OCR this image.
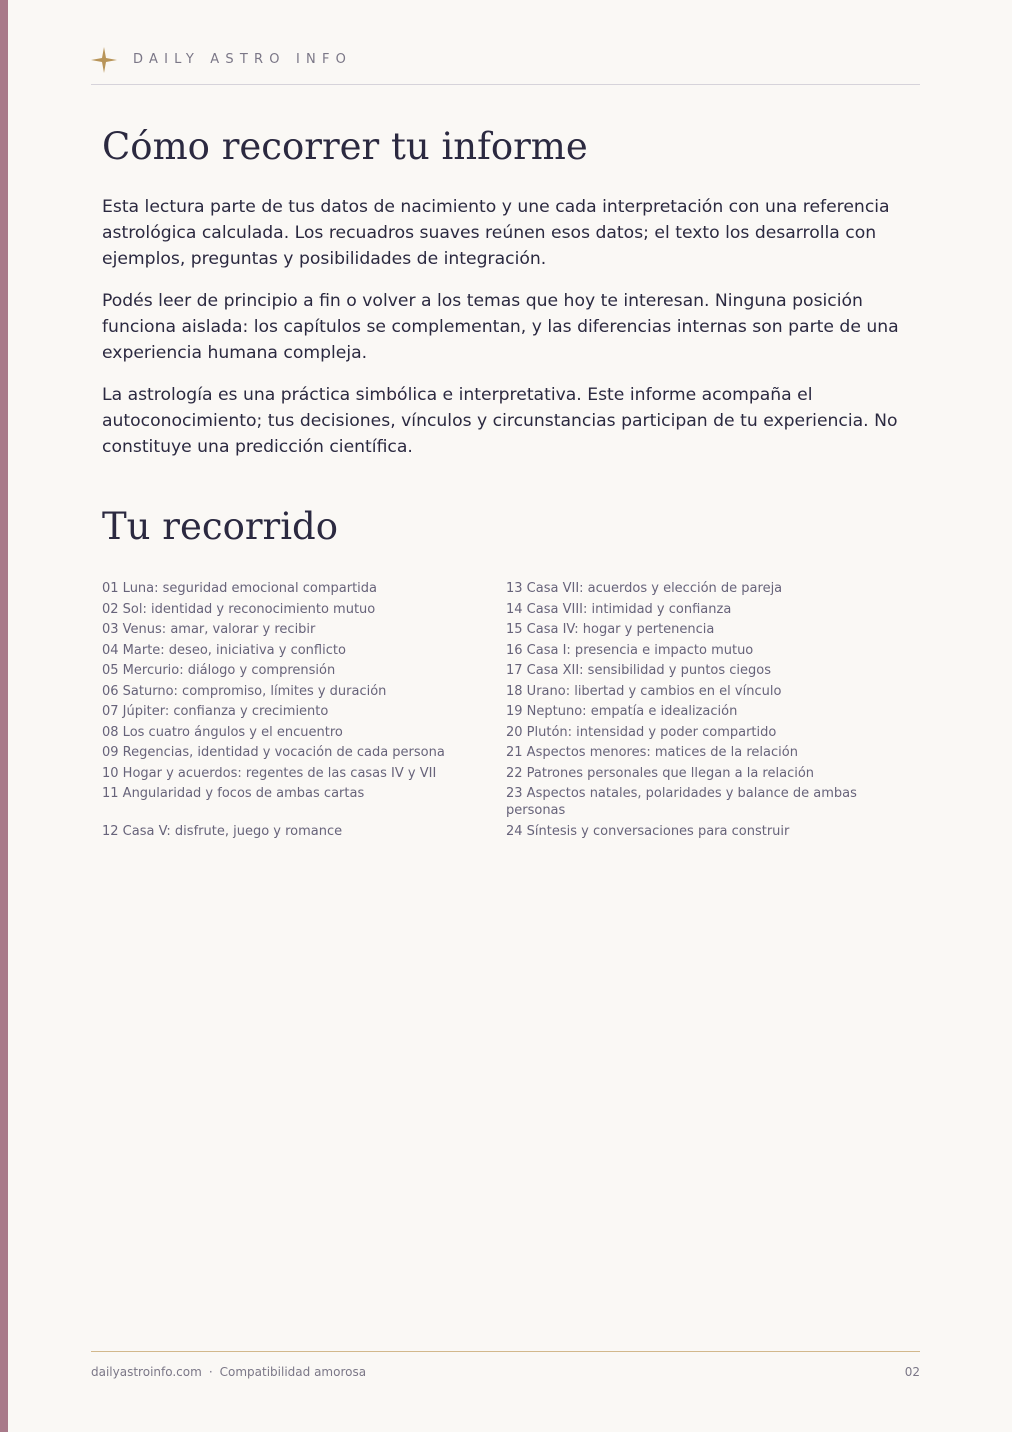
DAILY ASTRO INFO
Cómo recorrer tu informe

Esta lectura parte de tus datos de nacimiento y une cada interpretación con una referencia astrológica calculada. Los recuadros suaves reúnen esos datos; el texto los desarrolla con ejemplos, preguntas y posibilidades de integración.

Podés leer de principio a fin o volver a los temas que hoy te interesan. Ninguna posición funciona aislada: los capítulos se complementan, y las diferencias internas son parte de una experiencia humana compleja.

La astrología es una práctica simbólica e interpretativa. Este informe acompaña el autoconocimiento; tus decisiones, vínculos y circunstancias participan de tu experiencia. No constituye una predicción científica.

Tu recorrido
01 Luna: seguridad emocional compartida
02 Sol: identidad y reconocimiento mutuo
03 Venus: amar, valorar y recibir
04 Marte: deseo, iniciativa y conflicto
05 Mercurio: diálogo y comprensión
06 Saturno: compromiso, límites y duración
07 Júpiter: confianza y crecimiento
08 Los cuatro ángulos y el encuentro
09 Regencias, identidad y vocación de cada persona
10 Hogar y acuerdos: regentes de las casas IV y VII
11 Angularidad y focos de ambas cartas
12 Casa V: disfrute, juego y romance
13 Casa VII: acuerdos y elección de pareja
14 Casa VIII: intimidad y confianza
15 Casa IV: hogar y pertenencia
16 Casa I: presencia e impacto mutuo
17 Casa XII: sensibilidad y puntos ciegos
18 Urano: libertad y cambios en el vínculo
19 Neptuno: empatía e idealización
20 Plutón: intensidad y poder compartido
21 Aspectos menores: matices de la relación
22 Patrones personales que llegan a la relación
23 Aspectos natales, polaridades y balance de ambas personas
24 Síntesis y conversaciones para construir
dailyastroinfo.com · Compatibilidad amorosa	02
